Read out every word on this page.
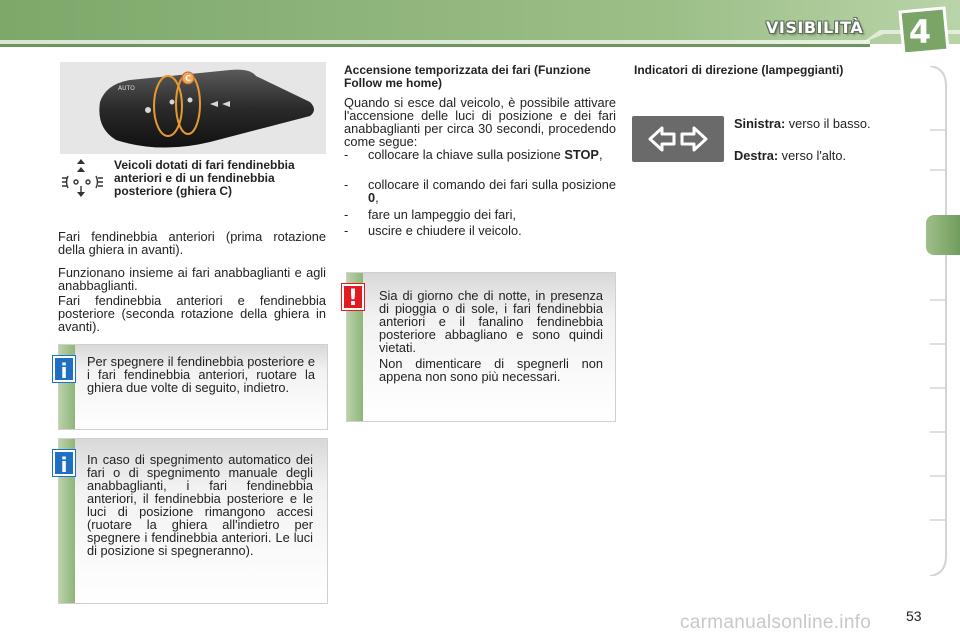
VISIBILITÀ	4
AUTO
C
Veicoli dotati di fari fendinebbia anteriori e di un fendinebbia posteriore (ghiera C)
Fari fendinebbia anteriori (prima rotazione della ghiera in avanti).
Funzionano insieme ai fari anabbaglianti e agli anabbaglianti.
Fari fendinebbia anteriori e fendinebbia posteriore (seconda rotazione della ghiera in avanti).
Per spegnere il fendinebbia posteriore e i fari fendinebbia anteriori, ruotare la ghiera due volte di seguito, indietro.
i
In caso di spegnimento automatico dei fari o di spegnimento manuale degli anabbaglianti, i fari fendinebbia anteriori, il fendinebbia posteriore e le luci di posizione rimangono accesi (ruotare la ghiera all'indietro per spegnere i fendinebbia anteriori. Le luci di posizione si spegneranno).
i
Accensione temporizzata dei fari (Funzione Follow me home)
Quando si esce dal veicolo, è possibile attivare l'accensione delle luci di posizione e dei fari anabbaglianti per circa 30 secondi, procedendo come segue:
- collocare la chiave sulla posizione STOP,
- collocare il comando dei fari sulla posizione 0,
- fare un lampeggio dei fari,
- uscire e chiudere il veicolo.
Sia di giorno che di notte, in presenza di pioggia o di sole, i fari fendinebbia anteriori e il fanalino fendinebbia posteriore abbagliano e sono quindi vietati.
Non dimenticare di spegnerli non appena non sono più necessari.
!
Indicatori di direzione (lampeggianti)
Sinistra: verso il basso.
Destra: verso l'alto.
carmanualsonline.info 53
